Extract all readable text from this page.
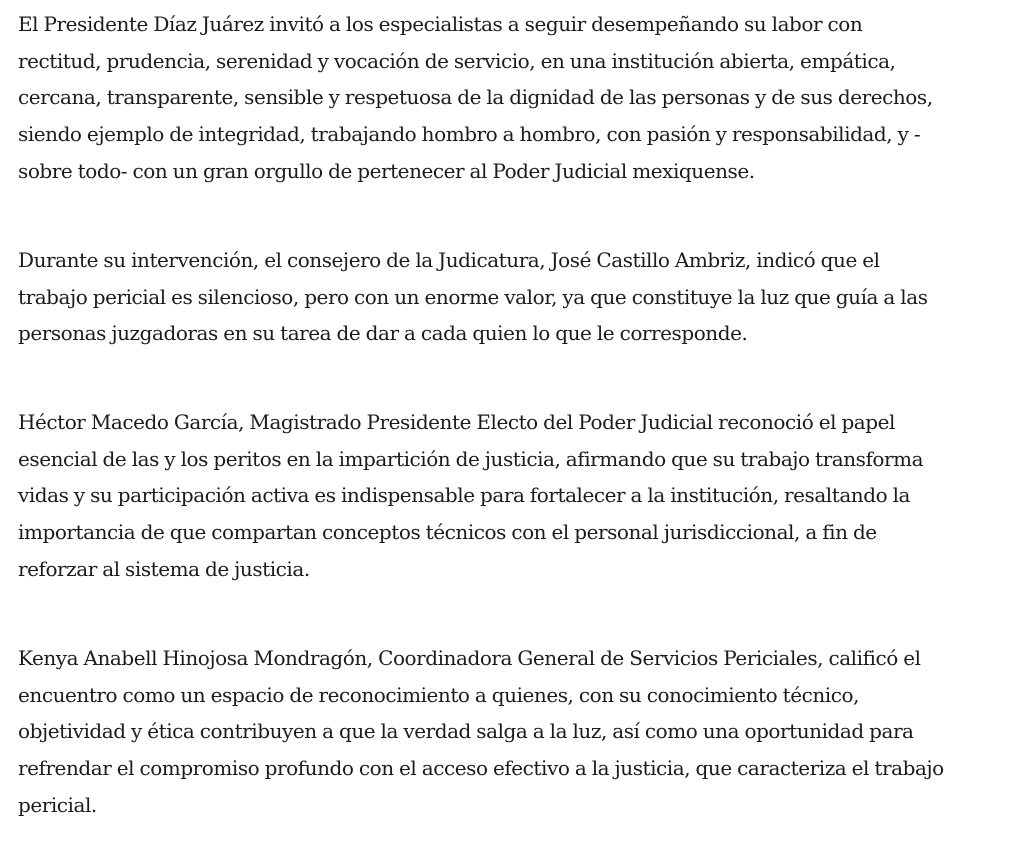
El Presidente Díaz Juárez invitó a los especialistas a seguir desempeñando su labor con
rectitud, prudencia, serenidad y vocación de servicio, en una institución abierta, empática,
cercana, transparente, sensible y respetuosa de la dignidad de las personas y de sus derechos,
siendo ejemplo de integridad, trabajando hombro a hombro, con pasión y responsabilidad, y -
sobre todo- con un gran orgullo de pertenecer al Poder Judicial mexiquense.

Durante su intervención, el consejero de la Judicatura, José Castillo Ambriz, indicó que el
trabajo pericial es silencioso, pero con un enorme valor, ya que constituye la luz que guía a las
personas juzgadoras en su tarea de dar a cada quien lo que le corresponde.

Héctor Macedo García, Magistrado Presidente Electo del Poder Judicial reconoció el papel
esencial de las y los peritos en la impartición de justicia, afirmando que su trabajo transforma
vidas y su participación activa es indispensable para fortalecer a la institución, resaltando la
importancia de que compartan conceptos técnicos con el personal jurisdiccional, a fin de
reforzar al sistema de justicia.

Kenya Anabell Hinojosa Mondragón, Coordinadora General de Servicios Periciales, calificó el
encuentro como un espacio de reconocimiento a quienes, con su conocimiento técnico,
objetividad y ética contribuyen a que la verdad salga a la luz, así como una oportunidad para
refrendar el compromiso profundo con el acceso efectivo a la justicia, que caracteriza el trabajo
pericial.
